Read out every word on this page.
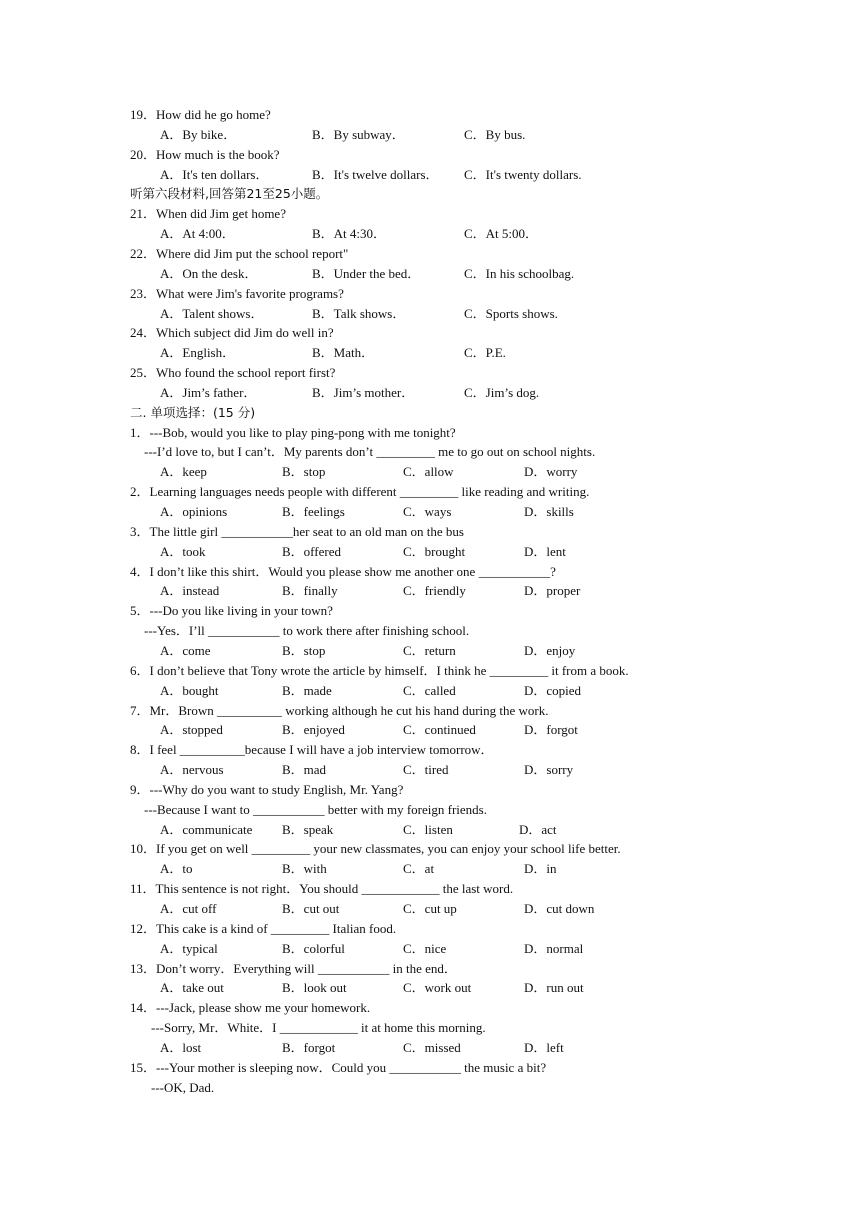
19．How did he go home?
A．By bike．	B．By subway．	C．By bus.
20．How much is the book?
A．It's ten dollars．	B．It's twelve dollars． C．It's twenty dollars.
听第六段材料,回答第21至25小题。
21．When did Jim get home?
A．At 4:00．	B．At 4:30．	C．At 5:00．
22．Where did Jim put the school report"
A．On the desk．	B．Under the bed．	C．In his schoolbag.
23．What were Jim's favorite programs?
A．Talent shows．	B．Talk shows．	C．Sports shows.
24．Which subject did Jim do well in?
A．English．	B．Math．	C．P.E.
25．Who found the school report first?
A．Jim’s father．	B．Jim’s mother．	C．Jim’s dog.
二. 单项选择：(15 分)
1．---Bob, would you like to play ping-pong with me tonight?
---I’d love to, but I can’t．My parents don’t _________ me to go out on school nights.
A．keep	B．stop	C．allow	D．worry
2．Learning languages needs people with different _________ like reading and writing.
A．opinions	B．feelings	C．ways	D．skills
3．The little girl ___________her seat to an old man on the bus
A．took	B．offered	C．brought	D．lent
4．I don’t like this shirt．Would you please show me another one ___________?
A．instead	B．finally	C．friendly	D．proper
5．---Do you like living in your town?
---Yes．I’ll ___________ to work there after finishing school.
A．come	B．stop	C．return	D．enjoy
6．I don’t believe that Tony wrote the article by himself．I think he _________ it from a book.
A．bought	B．made	C．called	D．copied
7．Mr．Brown __________ working although he cut his hand during the work.
A．stopped	B．enjoyed	C．continued	D．forgot
8．I feel __________because I will have a job interview tomorrow．
A．nervous	B．mad	C．tired	D．sorry
9．---Why do you want to study English, Mr. Yang?
---Because I want to ___________ better with my foreign friends.
A．communicate B．speak	C．listen	D．act
10．If you get on well _________ your new classmates, you can enjoy your school life better.
A．to	B．with	C．at	D．in
11．This sentence is not right．You should ____________ the last word.
A．cut off	B．cut out	C．cut up	D．cut down
12．This cake is a kind of _________ Italian food.
A．typical	B．colorful	C．nice	D．normal
13．Don’t worry．Everything will ___________ in the end．
A．take out	B．look out	C．work out	D．run out
14．---Jack, please show me your homework.
---Sorry, Mr．White．I ____________ it at home this morning.
A．lost	B．forgot	C．missed	D．left
15．---Your mother is sleeping now．Could you ___________ the music a bit?
---OK, Dad.
